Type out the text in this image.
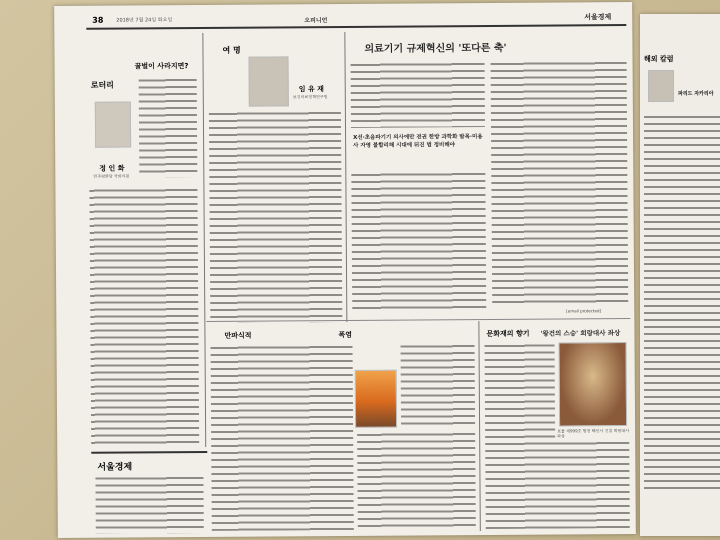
38	2018년 7월 24일 화요일	오피니언	서울경제
꿀벌이 사라지면?
로터리
정 인 화
민주평화당 국회의원
여 명
임 유 재
보건의료정책연구원
의료기기 규제혁신의 '또다른 축'
X선·초음파기기 의사에만 전권 한방 과학화 발목·미용사 자영 불합리해 시대에 뒤진 법 정비해야
[email protected]
만파식적	폭염	문화재의 향기 '왕건의 스승' 희랑대사 좌상
보물 제999호 합천 해인사 건칠 희랑대사 좌상
서울경제
해외 칼럼
파리드 자카리아
